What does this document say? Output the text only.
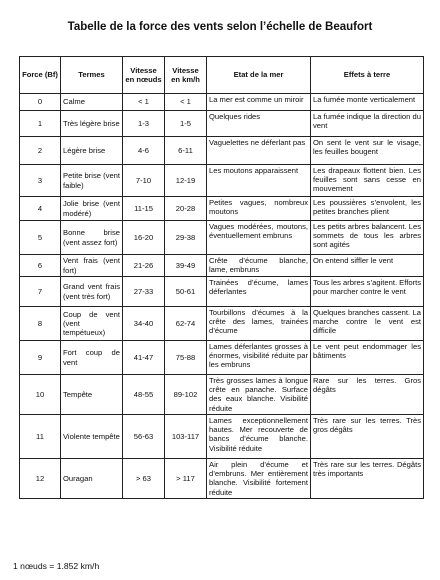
Tabelle de la force des vents selon l’échelle de Beaufort
Force (Bf)	Termes	Vitesse en nœuds	Vitesse en km/h	Etat de la mer	Effets à terre
0	Calme	< 1	< 1	La mer est comme un miroir	La fumée monte verticalement
1	Très légère brise	1-3	1-5	Quelques rides	La fumée indique la direction du vent
2	Légère brise	4-6	6-11	Vaguelettes ne déferlant pas	On sent le vent sur le visage, les feuilles bougent
3	Petite brise (vent faible)	7-10	12-19	Les moutons apparaissent	Les drapeaux flottent bien. Les feuilles sont sans cesse en mouvement
4	Jolie brise (vent modéré)	11-15	20-28	Petites vagues, nombreux moutons	Les poussières s’envolent, les petites branches plient
5	Bonne brise (vent assez fort)	16-20	29-38	Vagues modérées, moutons, éventuellement embruns	Les petits arbres balancent. Les sommets de tous les arbres sont agités
6	Vent frais (vent fort)	21-26	39-49	Crête d’écume blanche, lame, embruns	On entend siffler le vent
7	Grand vent frais (vent très fort)	27-33	50-61	Trainées d’écume, lames déferlantes	Tous les arbres s’agitent. Efforts pour marcher contre le vent
8	Coup de vent (vent tempétueux)	34-40	62-74	Tourbillons d’écumes à la crête des lames, trainées d’écume	Quelques branches cassent. La marche contre le vent est difficile
9	Fort coup de vent	41-47	75-88	Lames déferlantes grosses à énormes, visibilité réduite par les embruns	Le vent peut endommager les bâtiments
10	Tempête	48-55	89-102	Très grosses lames à longue crête en panache. Surface des eaux blanche. Visibilité réduite	Rare sur les terres. Gros dégâts
11	Violente tempête	56-63	103-117	Lames exceptionnellement hautes. Mer recouverte de bancs d’écume blanche. Visibilité réduite	Très rare sur les terres. Très gros dégâts
12	Ouragan	> 63	> 117	Air plein d’écume et d’embruns. Mer entièrement blanche. Visibilité fortement réduite	Très rare sur les terres. Dégâts très importants
1 nœuds = 1.852 km/h
